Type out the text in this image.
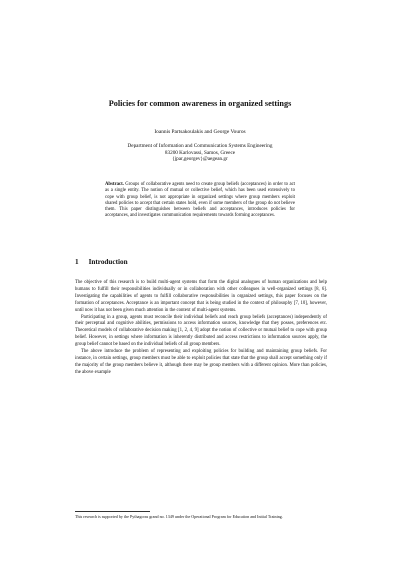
Policies for common awareness in organized settings
Ioannis Partsakoulakis and George Vouros
Department of Information and Communication Systems Engineering
83200 Karlovassi, Samos, Greece
{jpar,georgev}@aegean.gr

Abstract. Groups of collaborative agents need to create group beliefs (acceptances) in order to act as a single entity. The notion of mutual or collective belief, which has been used extensively to cope with group belief, is not appropriate in organized settings where group members exploit shared policies to accept that certain states hold, even if some members of the group do not believe them. This paper distinguishes between beliefs and acceptances, introduces policies for acceptances, and investigates communication requirements towards forming acceptances.

1 Introduction

The objective of this research is to build multi-agent systems that form the digital analogues of human organizations and help humans to fulfill their responsibilities individually or in collaboration with other colleagues in well-organized settings [8, 6]. Investigating the capabilities of agents to fulfill collaborative responsibilities in organized settings, this paper focuses on the formation of acceptances. Acceptance is an important concept that is being studied in the context of philosophy [7, 10], however, until now it has not been given much attention in the context of multi-agent systems.

Participating in a group, agents must reconcile their individual beliefs and reach group beliefs (acceptances) independently of their perceptual and cognitive abilities, permissions to access information sources, knowledge that they posses, preferences etc. Theoretical models of collaborative decision making [1, 2, 4, 9] adopt the notion of collective or mutual belief to cope with group belief. However, in settings where information is inherently distributed and access restrictions to information sources apply, the group belief cannot be based on the individual beliefs of all group members.

The above introduce the problem of representing and exploiting policies for building and maintaining group beliefs. For instance, in certain settings, group members must be able to exploit policies that state that the group shall accept something only if the majority of the group members believe it, although there may be group members with a different opinion. More than policies, the above example

This research is supported by the Pythagoras grand no. 1349 under the Operational Program for Education and Initial Training.
